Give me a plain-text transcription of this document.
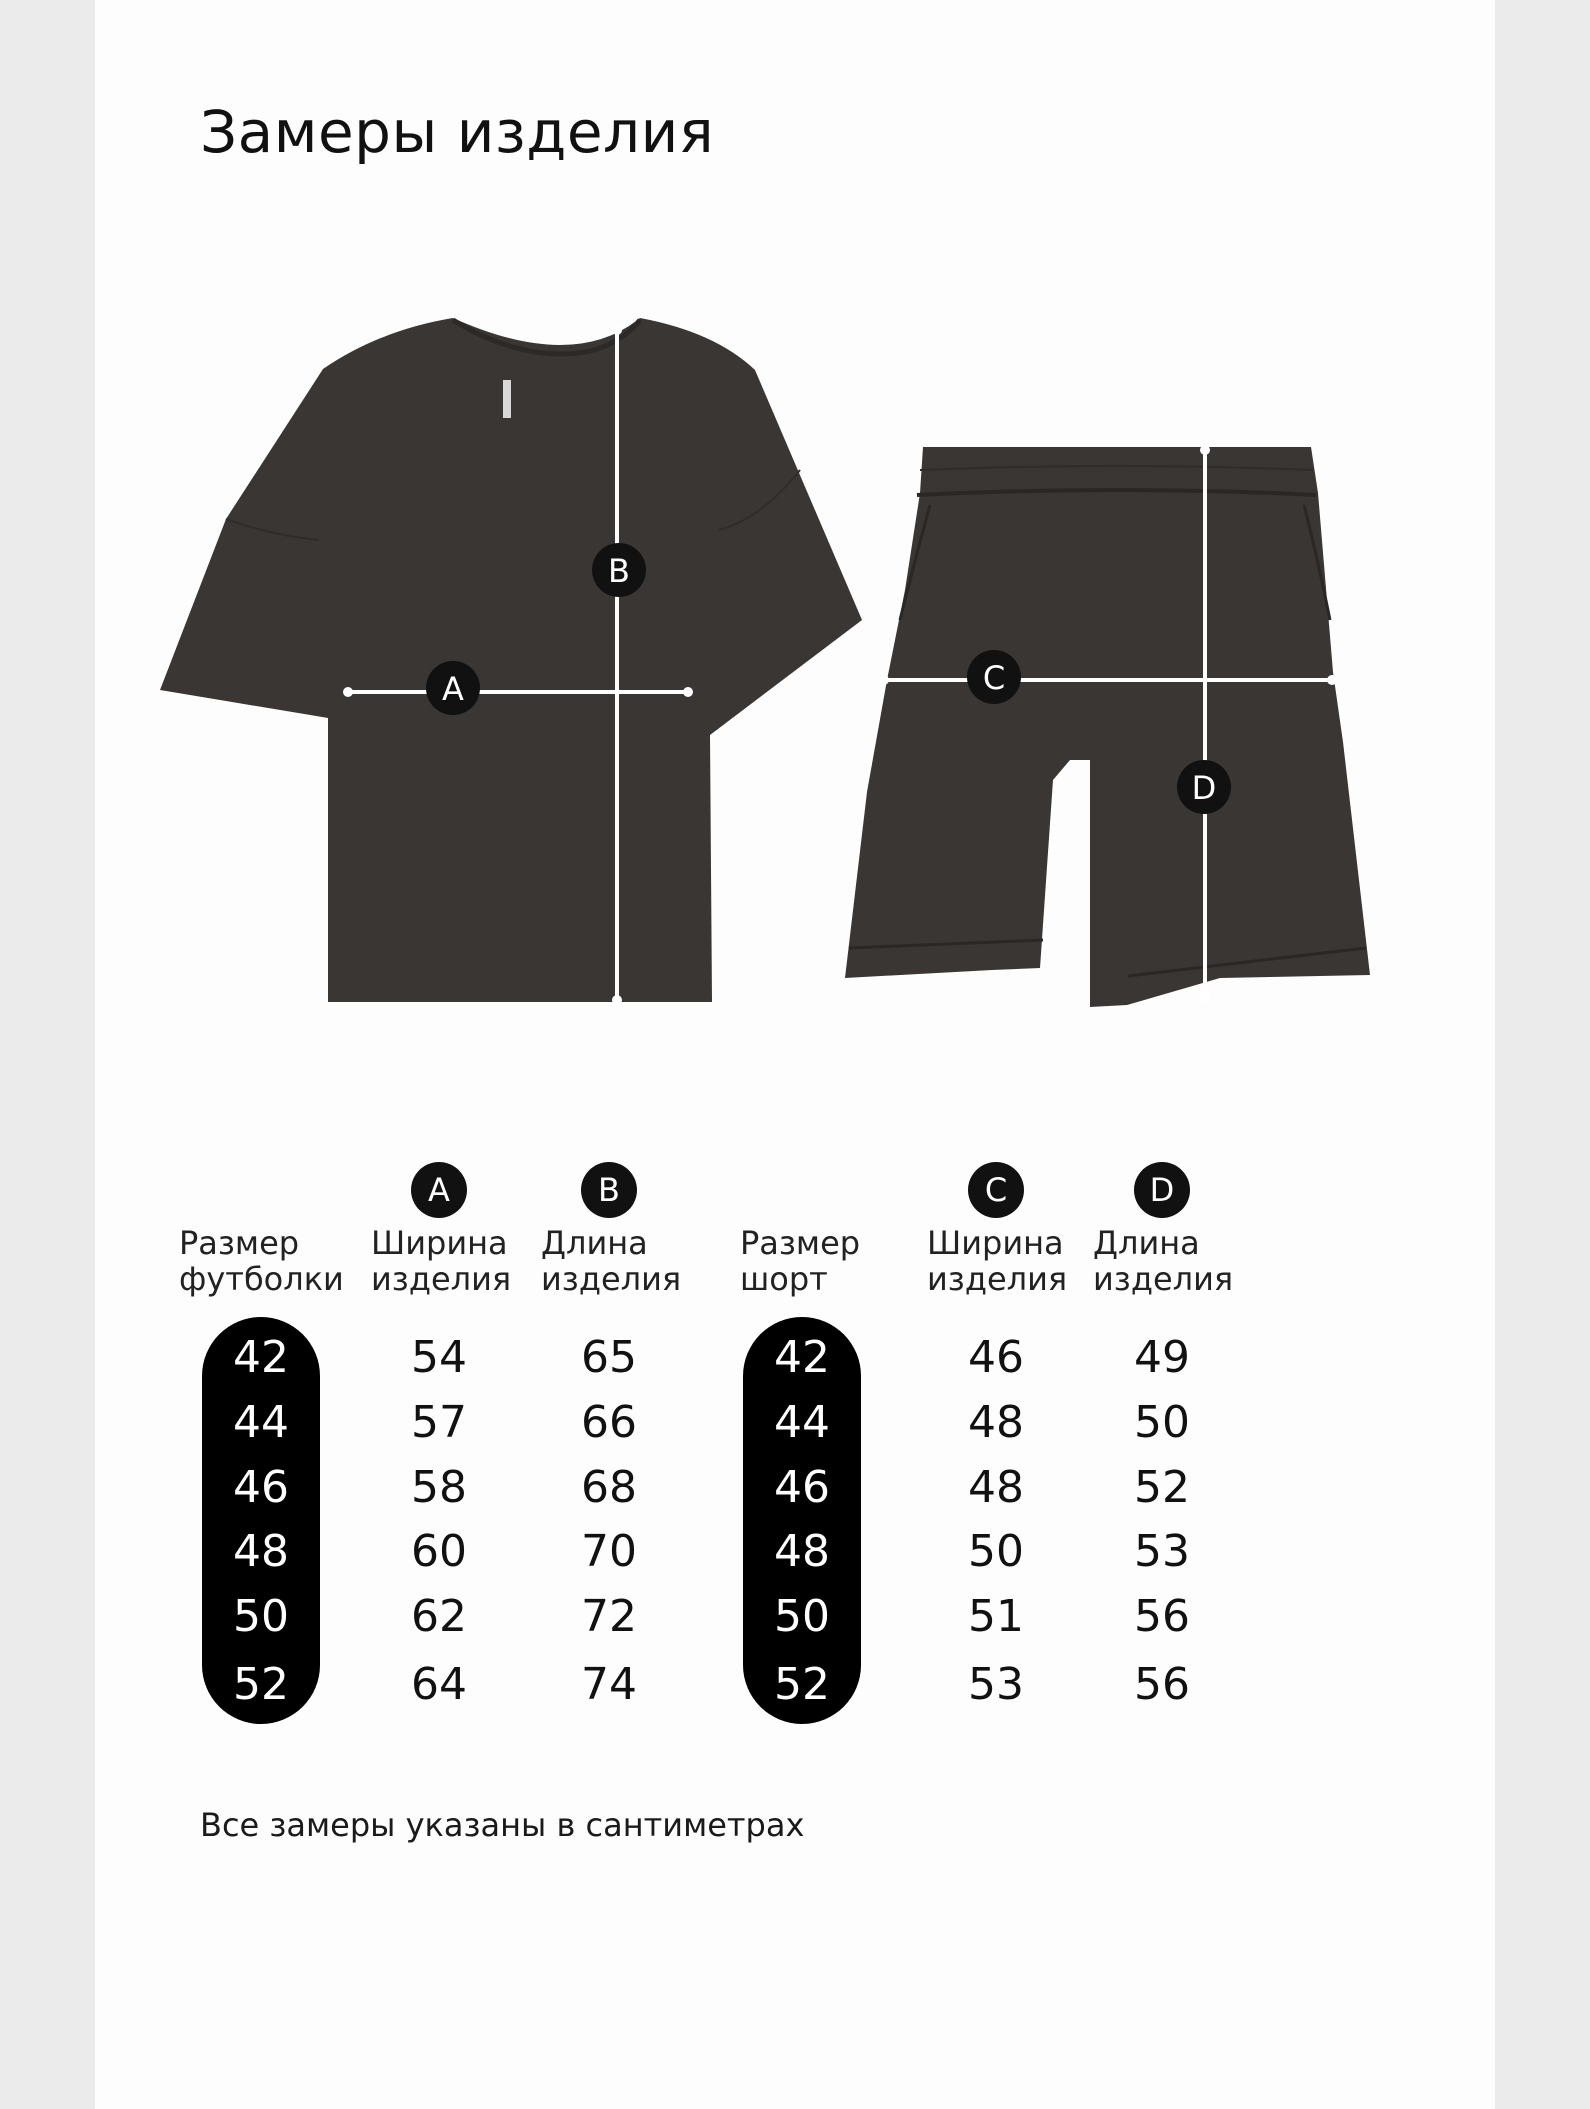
Замеры изделия
A
B
C
D
A	B
Размер
футболки
Ширина
изделия
Длина
изделия
42
44
46
48
50
52
54
57
58
60
62
64
65
66
68
70
72
74
C	D
Размер
шорт
Ширина
изделия
Длина
изделия
42
44
46
48
50
52
46
48
48
50
51
53
49
50
52
53
56
56
Все замеры указаны в сантиметрах
